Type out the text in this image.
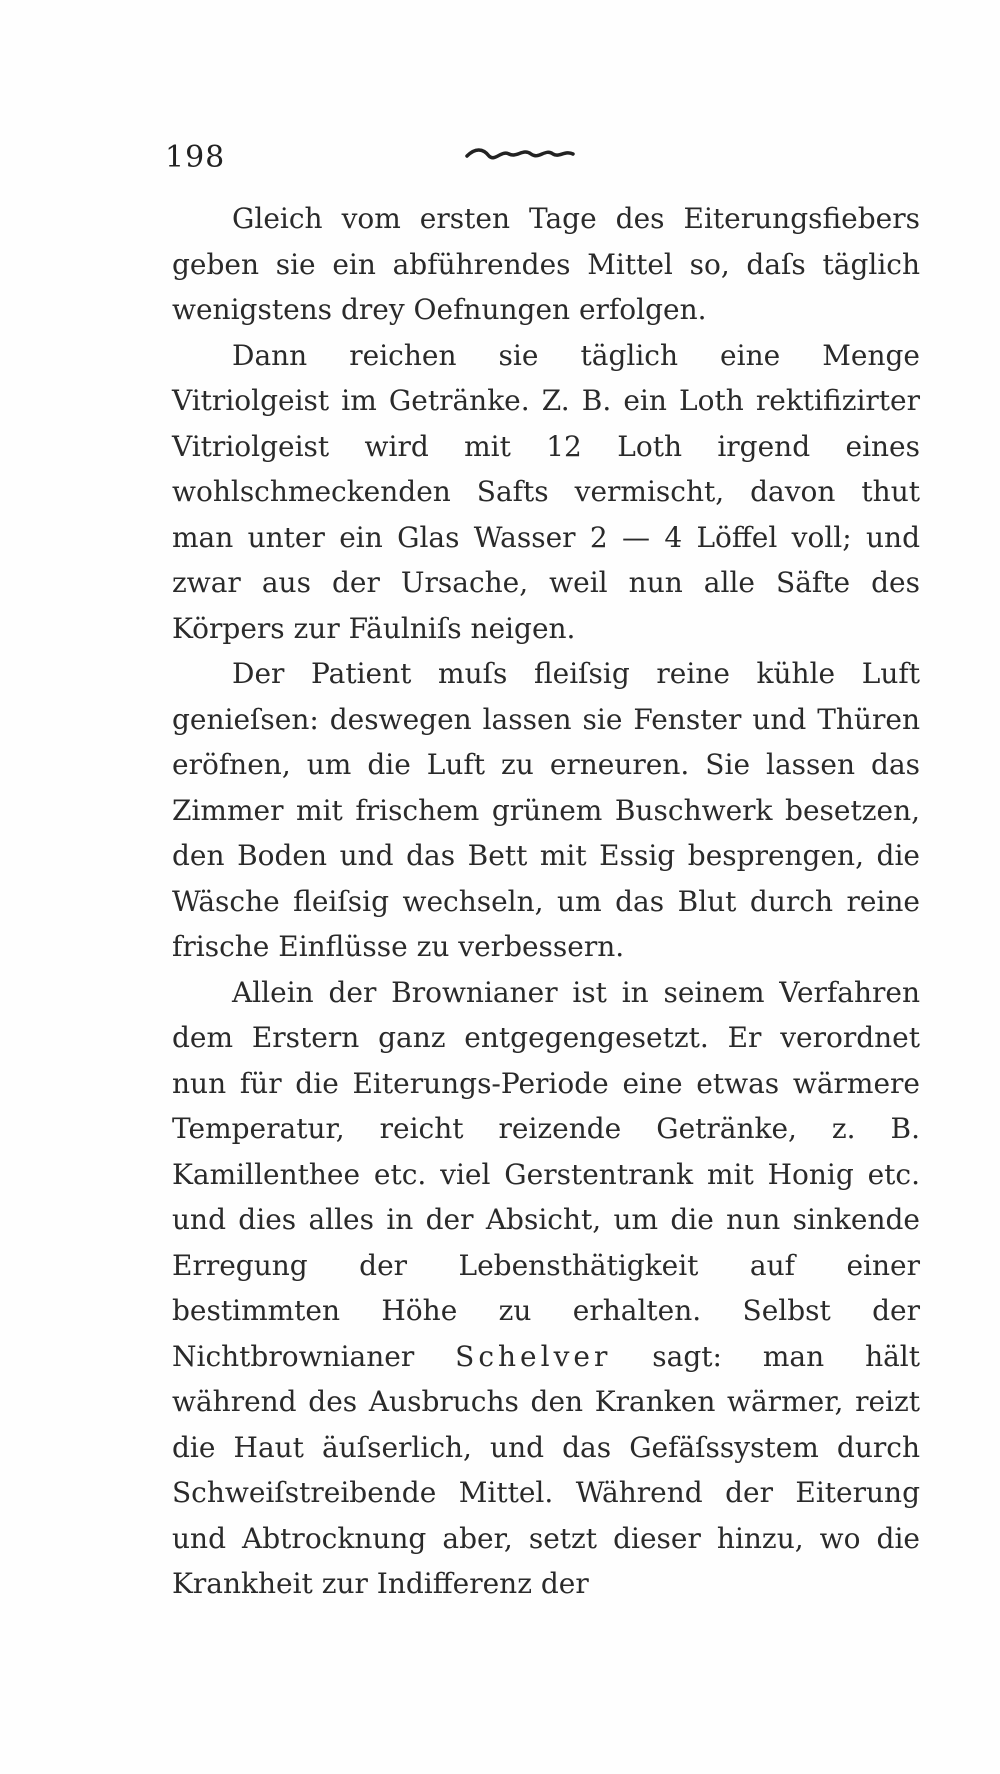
198

Gleich vom ersten Tage des Eiterungsfiebers geben sie ein abführendes Mittel so, daſs täglich wenigstens drey Oefnungen erfolgen.

Dann reichen sie täglich eine Menge Vitriolgeist im Getränke. Z. B. ein Loth rektifizirter Vitriolgeist wird mit 12 Loth irgend eines wohlschmeckenden Safts vermischt, davon thut man unter ein Glas Wasser 2 — 4 Löffel voll; und zwar aus der Ursache, weil nun alle Säfte des Körpers zur Fäulniſs neigen.

Der Patient muſs fleiſsig reine kühle Luft genieſsen: deswegen lassen sie Fenster und Thüren eröfnen, um die Luft zu erneuren. Sie lassen das Zimmer mit frischem grünem Buschwerk besetzen, den Boden und das Bett mit Essig besprengen, die Wäsche fleiſsig wechseln, um das Blut durch reine frische Einflüsse zu verbessern.

Allein der Brownianer ist in seinem Verfahren dem Erstern ganz entgegengesetzt. Er verordnet nun für die Eiterungs-Periode eine etwas wärmere Temperatur, reicht reizende Getränke, z. B. Kamillenthee etc. viel Gerstentrank mit Honig etc. und dies alles in der Absicht, um die nun sinkende Erregung der Lebensthätigkeit auf einer bestimmten Höhe zu erhalten. Selbst der Nichtbrownianer Schelver sagt: man hält während des Ausbruchs den Kranken wärmer, reizt die Haut äuſserlich, und das Gefäſssystem durch Schweiſstreibende Mittel. Während der Eiterung und Abtrocknung aber, setzt dieser hinzu, wo die Krankheit zur Indifferenz der
